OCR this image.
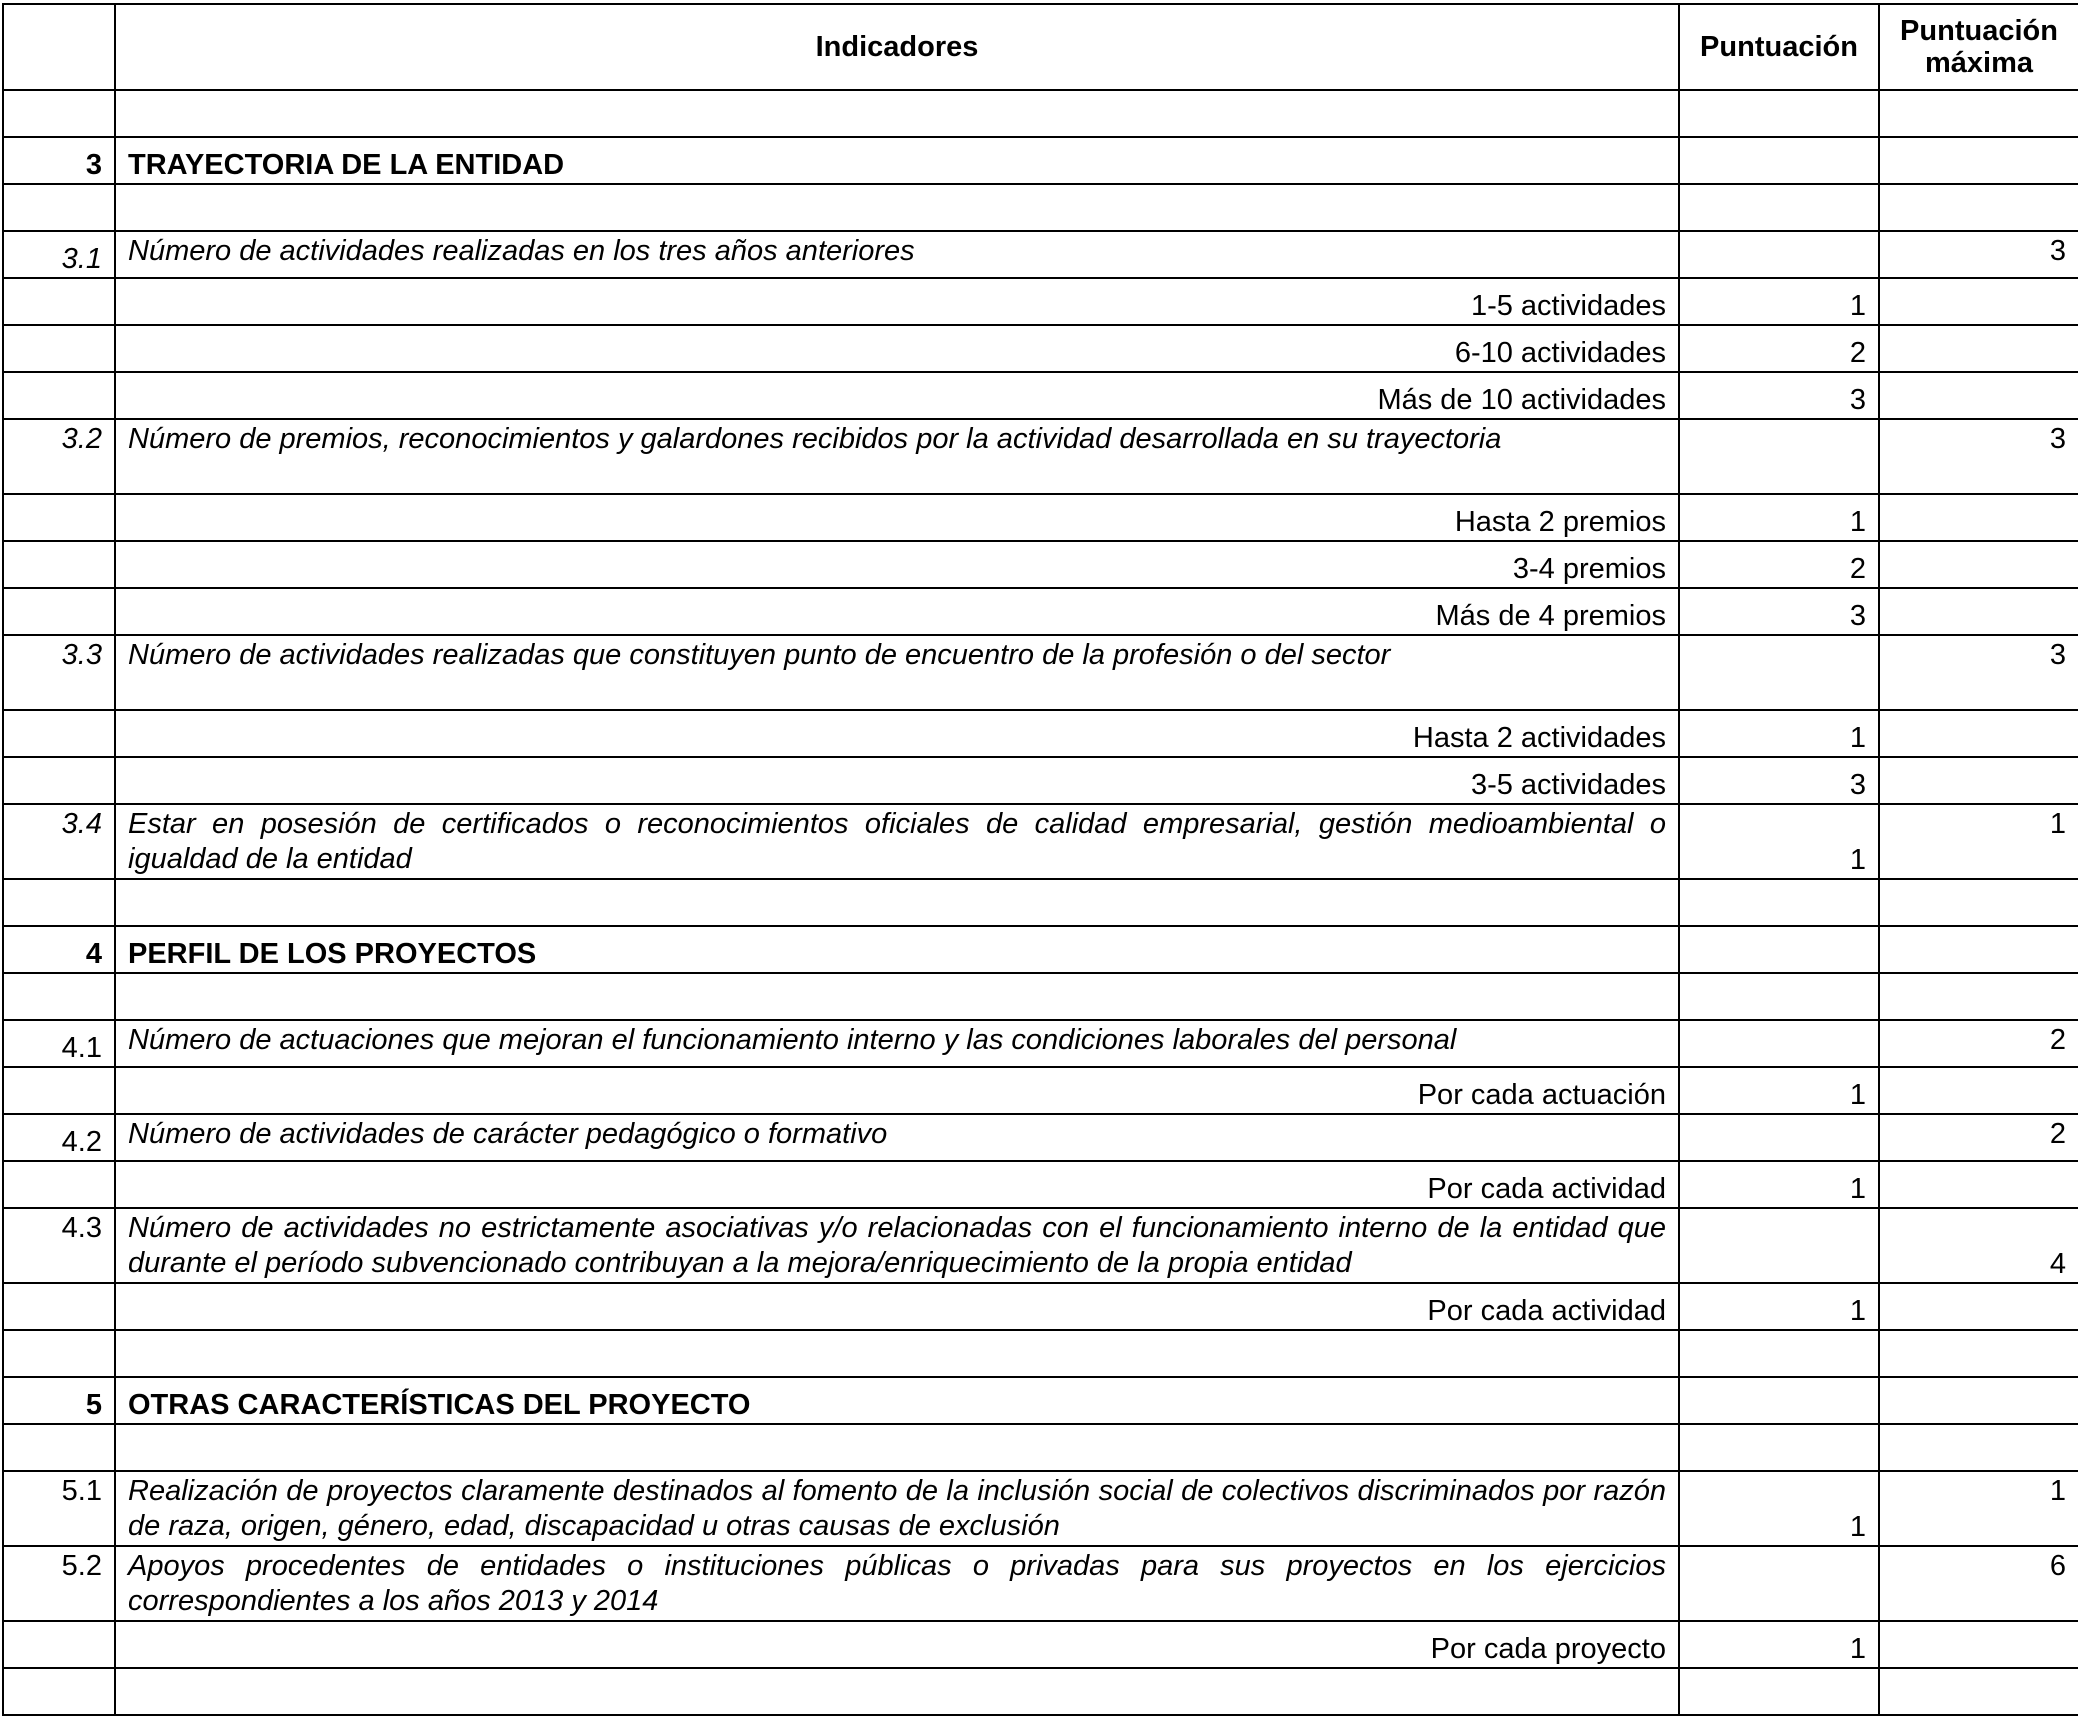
	Indicadores	Puntuación	Puntuación máxima

3	TRAYECTORIA DE LA ENTIDAD		

3.1	Número de actividades realizadas en los tres años anteriores		3
	1-5 actividades	1	
	6-10 actividades	2	
	Más de 10 actividades	3	
3.2	Número de premios, reconocimientos y galardones recibidos por la actividad desarrollada en su trayectoria		3
	Hasta 2 premios	1	
	3-4 premios	2	
	Más de 4 premios	3	
3.3	Número de actividades realizadas que constituyen punto de encuentro de la profesión o del sector		3
	Hasta 2 actividades	1	
	3-5 actividades	3	
3.4	Estar en posesión de certificados o reconocimientos oficiales de calidad empresarial, gestión medioambiental o igualdad de la entidad	1	1

4	PERFIL DE LOS PROYECTOS		

4.1	Número de actuaciones que mejoran el funcionamiento interno y las condiciones laborales del personal		2
	Por cada actuación	1	
4.2	Número de actividades de carácter pedagógico o formativo		2
	Por cada actividad	1	
4.3	Número de actividades no estrictamente asociativas y/o relacionadas con el funcionamiento interno de la entidad que durante el período subvencionado contribuyan a la mejora/enriquecimiento de la propia entidad		4
	Por cada actividad	1	

5	OTRAS CARACTERÍSTICAS DEL PROYECTO		

5.1	Realización de proyectos claramente destinados al fomento de la inclusión social de colectivos discriminados por razón de raza, origen, género, edad, discapacidad u otras causas de exclusión	1	1
5.2	Apoyos procedentes de entidades o instituciones públicas o privadas para sus proyectos en los ejercicios correspondientes a los años 2013 y 2014		6
	Por cada proyecto	1	
